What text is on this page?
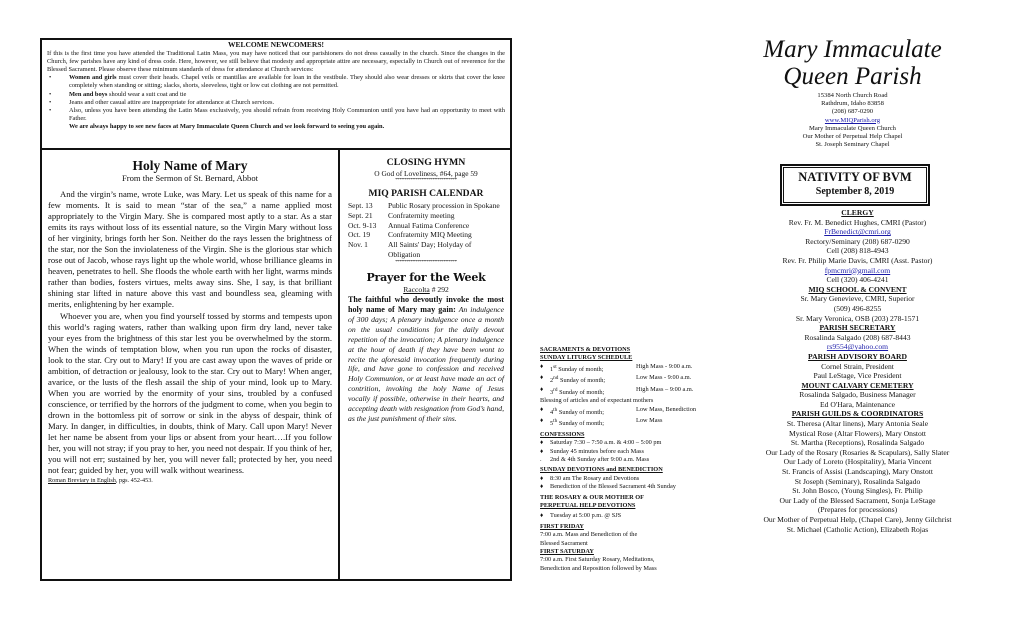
WELCOME NEWCOMERS!

If this is the first time you have attended the Traditional Latin Mass, you may have noticed that our parishioners do not dress casually in the church. Since the changes in the Church, few parishes have any kind of dress code. Here, however, we still believe that modesty and appropriate attire are necessary, especially in Church out of reverence for the Blessed Sacrament. Please observe these minimum standards of dress for attendance at Church services:

• Women and girls must cover their heads. Chapel veils or mantillas are available for loan in the vestibule. They should also wear dresses or skirts that cover the knee completely when standing or sitting; slacks, shorts, sleeveless, tight or low cut clothing are not permitted.
• Men and boys should wear a suit coat and tie
• Jeans and other casual attire are inappropriate for attendance at Church services.
• Also, unless you have been attending the Latin Mass exclusively, you should refrain from receiving Holy Communion until you have had an opportunity to meet with Father.
We are always happy to see new faces at Mary Immaculate Queen Church and we look forward to seeing you again.
Holy Name of Mary
From the Sermon of St. Bernard, Abbot

And the virgin’s name, wrote Luke, was Mary. Let us speak of this name for a few moments. It is said to mean “star of the sea,” a name applied most appropriately to the Virgin Mary. She is compared most aptly to a star. As a star emits its rays without loss of its essential nature, so the Virgin Mary without loss of her virginity, brings forth her Son. Neither do the rays lessen the brightness of the star, nor the Son the inviolateness of the Virgin. She is the glorious star which rose out of Jacob, whose rays light up the whole world, whose brilliance gleams in heaven, penetrates to hell. She floods the whole earth with her light, warms minds rather than bodies, fosters virtues, melts away sins. She, I say, is that brilliant shining star lifted in nature above this vast and boundless sea, gleaming with merits, enlightening by her example.

Whoever you are, when you find yourself tossed by storms and tempests upon this world’s raging waters, rather than walking upon firm dry land, never take your eyes from the brightness of this star lest you be overwhelmed by the storm. When the winds of temptation blow, when you run upon the rocks of disaster, look to the star. Cry out to Mary! If you are cast away upon the waves of pride or ambition, of detraction or jealousy, look to the star. Cry out to Mary! When anger, avarice, or the lusts of the flesh assail the ship of your mind, look up to Mary. When you are worried by the enormity of your sins, troubled by a confused conscience, or terrified by the horrors of the judgment to come, when you begin to drown in the bottomless pit of sorrow or sink in the abyss of despair, think of Mary. In danger, in difficulties, in doubts, think of Mary. Call upon Mary! Never let her name be absent from your lips or absent from your heart….If you follow her, you will not stray; if you pray to her, you need not despair. If you think of her, you will not err; sustained by her, you will never fall; protected by her, you need not fear; guided by her, you will walk without weariness.

Roman Breviary in English, pgs. 452-453.
CLOSING HYMN
O God of Loveliness, #64, page 59
****************************
MIQ PARISH CALENDAR
Sept. 13	Public Rosary procession in Spokane
Sept. 21	Confraternity meeting
Oct. 9-13	Annual Fatima Conference
Oct. 19	Confraternity MIQ Meeting
Nov. 1	All Saints' Day; Holyday of Obligation
****************************
Prayer for the Week
Raccolta # 292
The faithful who devoutly invoke the most holy name of Mary may gain: An indulgence of 300 days; A plenary indulgence once a month on the usual conditions for the daily devout repetition of the invocation; A plenary indulgence at the hour of death if they have been wont to recite the aforesaid invocation frequently during life, and have gone to confession and received Holy Communion, or at least have made an act of contrition, invoking the holy Name of Jesus vocally if possible, otherwise in their hearts, and accepting death with resignation from God’s hand, as the just punishment of their sins.
SACRAMENTS & DEVOTIONS
SUNDAY LITURGY SCHEDULE
♦	1st Sunday of month;	High Mass - 9:00 a.m.
♦	2nd Sunday of month;	Low Mass - 9:00 a.m.
♦	3rd Sunday of month;	High Mass – 9:00 a.m.
Blessing of articles and of expectant mothers
♦	4th Sunday of month;	Low Mass, Benediction
♦	5th Sunday of month;	Low Mass
CONFESSIONS
♦	Saturday 7:30 – 7:50 a.m. & 4:00 – 5:00 pm
♦	Sunday 45 minutes before each Mass
.	2nd & 4th Sunday after 9:00 a.m. Mass
SUNDAY DEVOTIONS and BENEDICTION
♦	8:30 am The Rosary and Devotions
♦	Benediction of the Blessed Sacrament 4th Sunday
THE ROSARY & OUR MOTHER OF
PERPETUAL HELP DEVOTIONS
♦	Tuesday at 5:00 p.m. @ SJS
FIRST FRIDAY
7:00 a.m. Mass and Benediction of the
Blessed Sacrament
FIRST SATURDAY
7:00 a.m. First Saturday Rosary, Meditations,
Benediction and Reposition followed by Mass
Mary Immaculate
Queen Parish
15384 North Church Road
Rathdrum, Idaho 83858
(208) 687-0290
www.MIQParish.org
Mary Immaculate Queen Church
Our Mother of Perpetual Help Chapel
St. Joseph Seminary Chapel
NATIVITY OF BVM
September 8, 2019
CLERGY
Rev. Fr. M. Benedict Hughes, CMRI (Pastor)
FrBenedict@cmri.org
Rectory/Seminary (208) 687-0290
Cell (208) 818-4943
Rev. Fr. Philip Marie Davis, CMRI (Asst. Pastor)
fpmcmri@gmail.com
Cell (320) 406-4241
MIQ SCHOOL & CONVENT
Sr. Mary Genevieve, CMRI, Superior
(509) 496-8255
Sr. Mary Veronica, OSB (203) 278-1571
PARISH SECRETARY
Rosalinda Salgado (208) 687-8443
rs9554@yahoo.com
PARISH ADVISORY BOARD
Cornel Strain, President
Paul LeStage, Vice President
MOUNT CALVARY CEMETERY
Rosalinda Salgado, Business Manager
Ed O'Hara, Maintenance
PARISH GUILDS & COORDINATORS
St. Theresa (Altar linens), Mary Antonia Seale
Mystical Rose (Altar Flowers), Mary Onstott
St. Martha (Receptions), Rosalinda Salgado
Our Lady of the Rosary (Rosaries & Scapulars), Sally Slater
Our Lady of Loreto (Hospitality), Maria Vincent
St. Francis of Assisi (Landscaping), Mary Onstott
St Joseph (Seminary), Rosalinda Salgado
St. John Bosco, (Young Singles), Fr. Philip
Our Lady of the Blessed Sacrament, Sonja LeStage
(Prepares for processions)
Our Mother of Perpetual Help, (Chapel Care), Jenny Gilchrist
St. Michael (Catholic Action), Elizabeth Rojas
